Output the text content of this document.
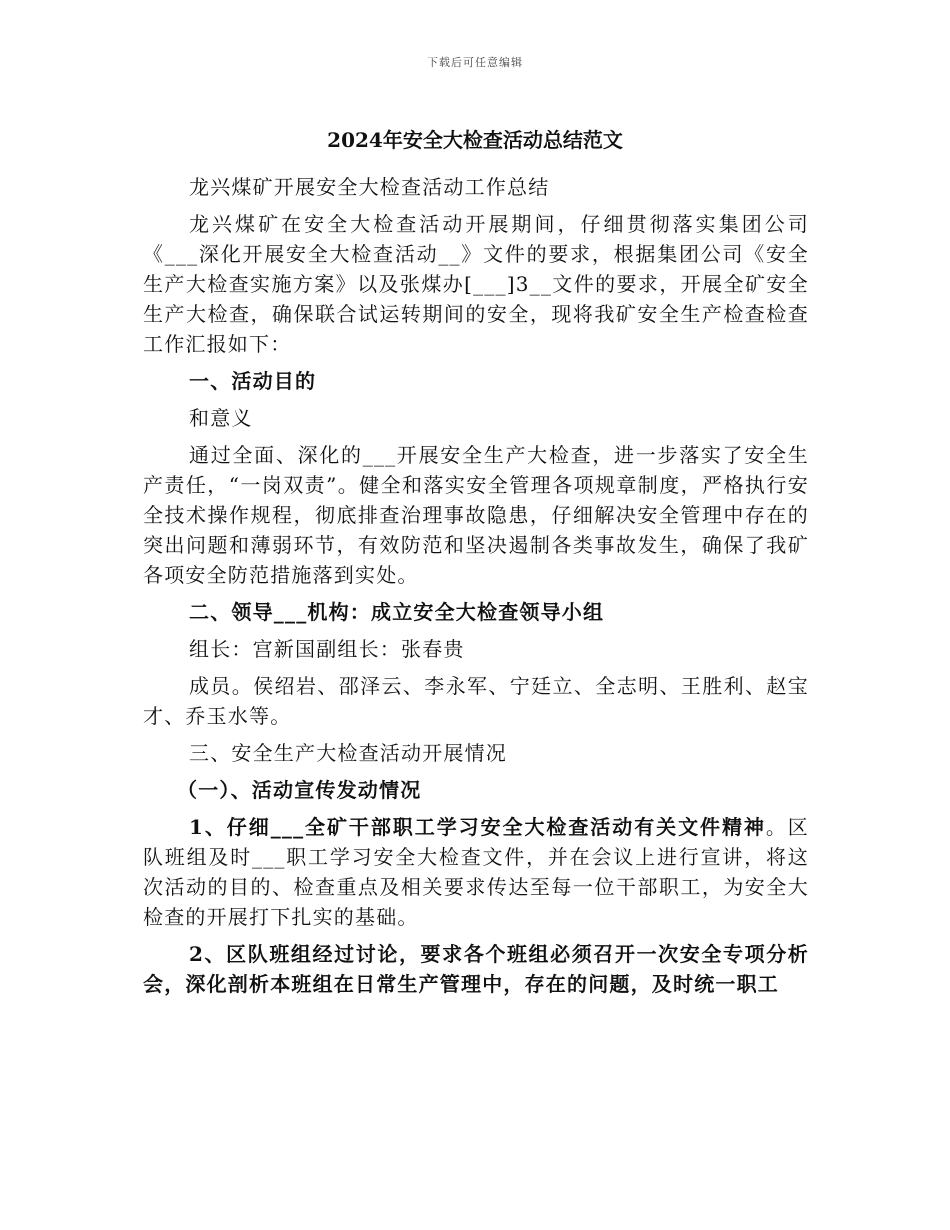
下载后可任意编辑
2024年安全大检查活动总结范文

龙兴煤矿开展安全大检查活动工作总结

龙兴煤矿在安全大检查活动开展期间，仔细贯彻落实集团公司《___深化开展安全大检查活动__》文件的要求，根据集团公司《安全生产大检查实施方案》以及张煤办[___]3__文件的要求，开展全矿安全生产大检查，确保联合试运转期间的安全，现将我矿安全生产检查检查工作汇报如下：

一、活动目的

和意义

通过全面、深化的___开展安全生产大检查，进一步落实了安全生产责任，“一岗双责”。健全和落实安全管理各项规章制度，严格执行安全技术操作规程，彻底排查治理事故隐患，仔细解决安全管理中存在的突出问题和薄弱环节，有效防范和坚决遏制各类事故发生，确保了我矿各项安全防范措施落到实处。

二、领导___机构：成立安全大检查领导小组

组长：宫新国副组长：张春贵

成员。侯绍岩、邵泽云、李永军、宁廷立、全志明、王胜利、赵宝才、乔玉水等。

三、安全生产大检查活动开展情况

（一）、活动宣传发动情况

1、仔细___全矿干部职工学习安全大检查活动有关文件精神。区队班组及时___职工学习安全大检查文件，并在会议上进行宣讲，将这次活动的目的、检查重点及相关要求传达至每一位干部职工，为安全大检查的开展打下扎实的基础。

2、区队班组经过讨论，要求各个班组必须召开一次安全专项分析会，深化剖析本班组在日常生产管理中，存在的问题，及时统一职工
